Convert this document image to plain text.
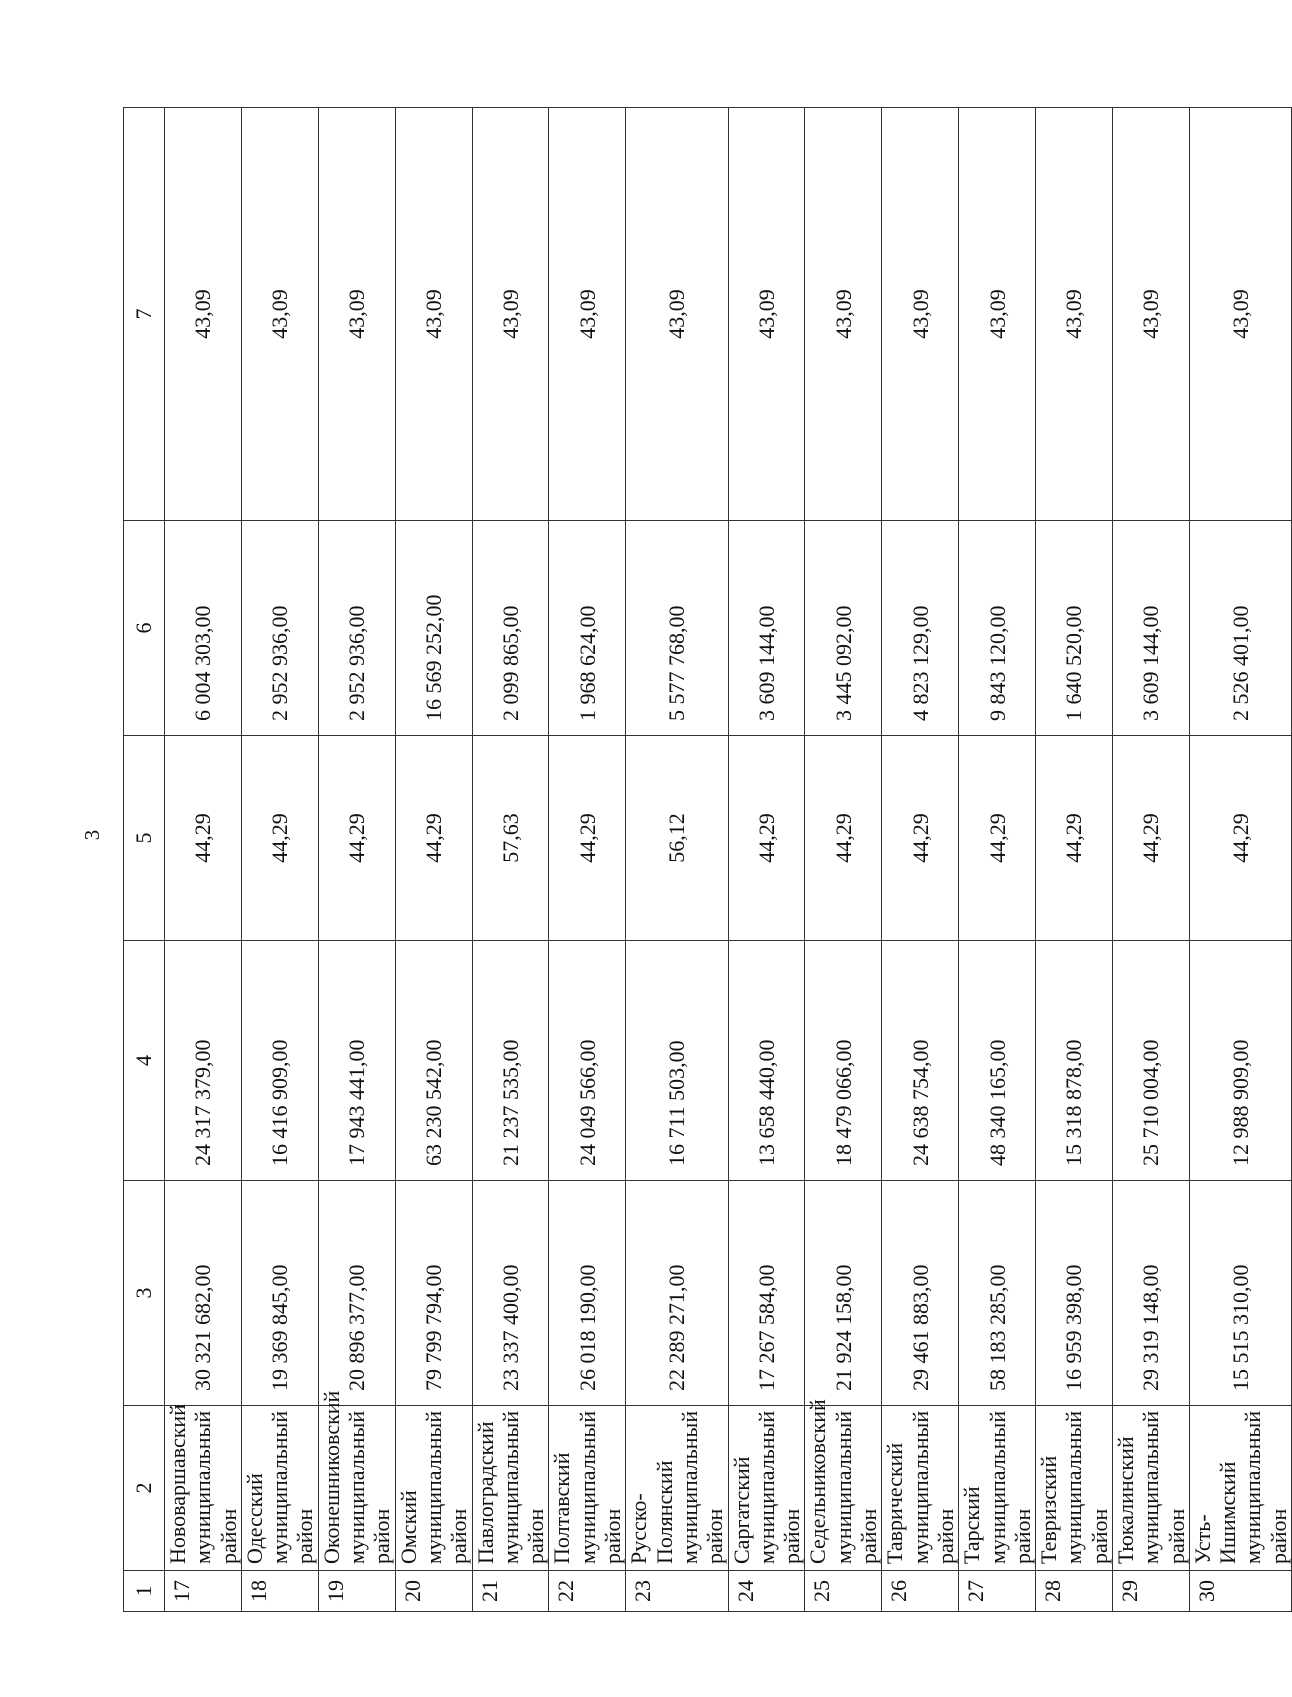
3
1	2	3	4	5	6	7
17	Нововаршавский муниципальный район	30 321 682,00	24 317 379,00	44,29	6 004 303,00	43,09
18	Одесский муниципальный район	19 369 845,00	16 416 909,00	44,29	2 952 936,00	43,09
19	Оконешниковский муниципальный район	20 896 377,00	17 943 441,00	44,29	2 952 936,00	43,09
20	Омский муниципальный район	79 799 794,00	63 230 542,00	44,29	16 569 252,00	43,09
21	Павлоградский муниципальный район	23 337 400,00	21 237 535,00	57,63	2 099 865,00	43,09
22	Полтавский муниципальный район	26 018 190,00	24 049 566,00	44,29	1 968 624,00	43,09
23	Русско-Полянский муниципальный район	22 289 271,00	16 711 503,00	56,12	5 577 768,00	43,09
24	Саргатский муниципальный район	17 267 584,00	13 658 440,00	44,29	3 609 144,00	43,09
25	Седельниковский муниципальный район	21 924 158,00	18 479 066,00	44,29	3 445 092,00	43,09
26	Таврический муниципальный район	29 461 883,00	24 638 754,00	44,29	4 823 129,00	43,09
27	Тарский муниципальный район	58 183 285,00	48 340 165,00	44,29	9 843 120,00	43,09
28	Тевризский муниципальный район	16 959 398,00	15 318 878,00	44,29	1 640 520,00	43,09
29	Тюкалинский муниципальный район	29 319 148,00	25 710 004,00	44,29	3 609 144,00	43,09
30	Усть-Ишимский муниципальный район	15 515 310,00	12 988 909,00	44,29	2 526 401,00	43,09
